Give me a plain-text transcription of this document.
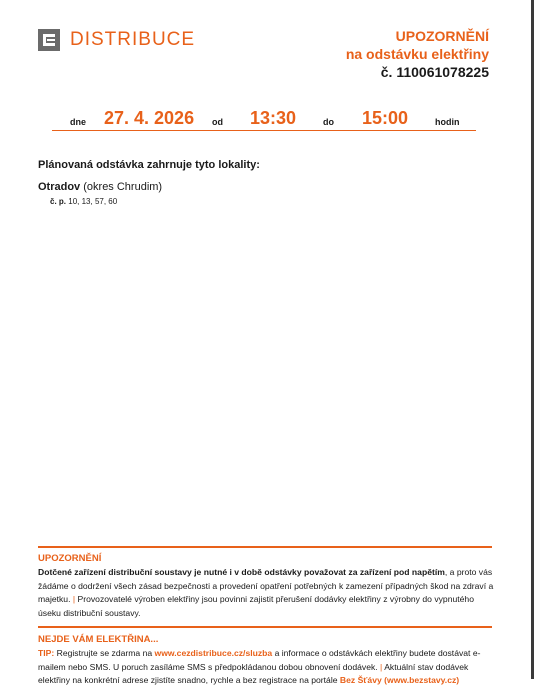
DISTRIBUCE	UPOZORNĚNÍ
na odstávku elektřiny
č. 110061078225
dne 27. 4. 2026 od 13:30	do 15:00	hodin
Plánovaná odstávka zahrnuje tyto lokality:
Otradov (okres Chrudim)
č. p. 10, 13, 57, 60
UPOZORNĚNÍ
Dotčené zařízení distribuční soustavy je nutné i v době odstávky považovat za zařízení pod napětím, a proto vás žádáme o dodržení všech zásad bezpečnosti a provedení opatření potřebných k zamezení případných škod na zdraví a majetku. | Provozovatelé výroben elektřiny jsou povinni zajistit přerušení dodávky elektřiny z výrobny do vypnutého úseku distribuční soustavy.
NEJDE VÁM ELEKTŘINA...
TIP: Registrujte se zdarma na www.cezdistribuce.cz/sluzba a informace o odstávkách elektřiny budete dostávat e-mailem nebo SMS. U poruch zasíláme SMS s předpokládanou dobou obnovení dodávek. | Aktuální stav dodávek elektřiny na konkrétní adrese zjistíte snadno, rychle a bez registrace na portále Bez Šťávy (www.bezstavy.cz)
